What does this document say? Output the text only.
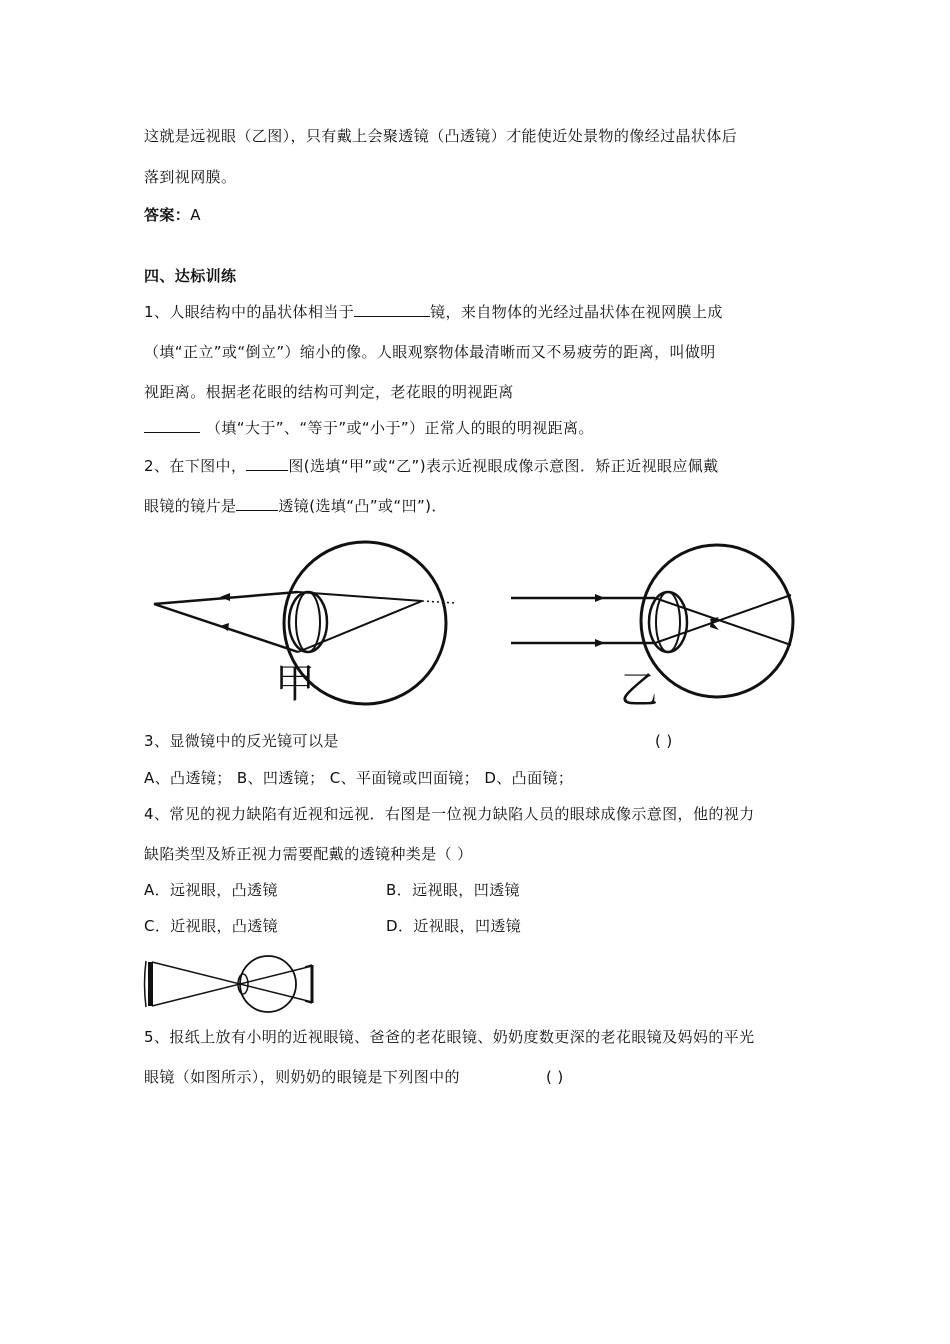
这就是远视眼（乙图），只有戴上会聚透镜（凸透镜）才能使近处景物的像经过晶状体后
落到视网膜。
答案：A
四、达标训练
1、人眼结构中的晶状体相当于	镜，来自物体的光经过晶状体在视网膜上成
（填“正立”或“倒立”）缩小的像。人眼观察物体最清晰而又不易疲劳的距离，叫做明
视距离。根据老花眼的结构可判定，老花眼的明视距离
（填“大于”、“等于”或“小于”）正常人的眼的明视距离。
2、在下图中，	图(选填“甲”或“乙”)表示近视眼成像示意图．矫正近视眼应佩戴
眼镜的镜片是	透镜(选填“凸”或“凹”)．
甲	乙
3、显微镜中的反光镜可以是	( )
A、凸透镜； B、凹透镜； C、平面镜或凹面镜； D、凸面镜；
4、常见的视力缺陷有近视和远视．右图是一位视力缺陷人员的眼球成像示意图，他的视力
缺陷类型及矫正视力需要配戴的透镜种类是（ ）
A．远视眼，凸透镜	B．远视眼，凹透镜
C．近视眼，凸透镜	D．近视眼，凹透镜
5、报纸上放有小明的近视眼镜、爸爸的老花眼镜、奶奶度数更深的老花眼镜及妈妈的平光
眼镜（如图所示），则奶奶的眼镜是下列图中的	( )
